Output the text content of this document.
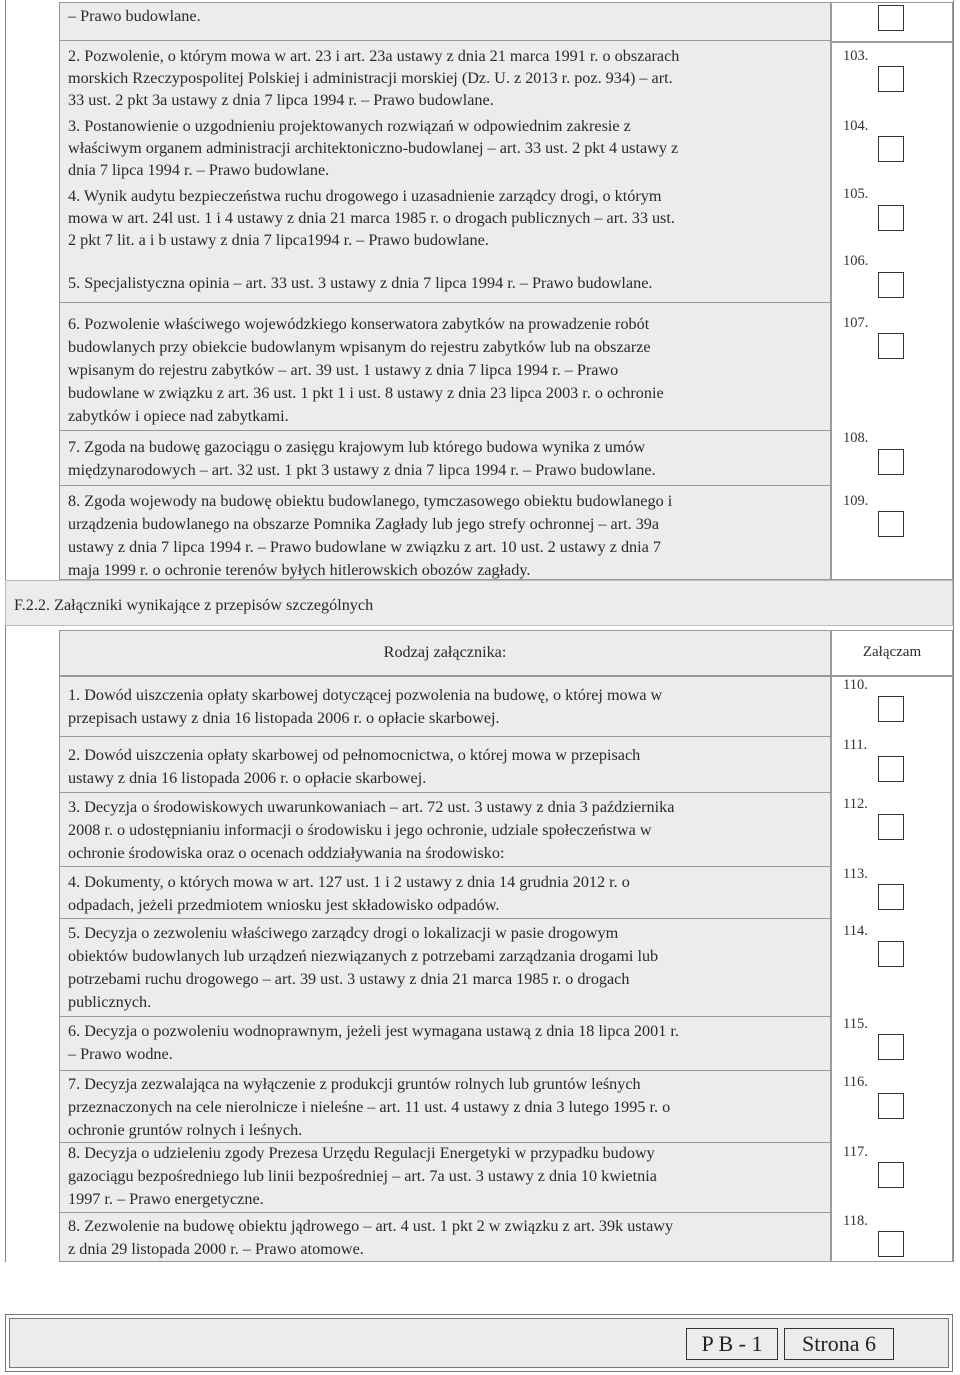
– Prawo budowlane.
2. Pozwolenie, o którym mowa w art. 23 i art. 23a ustawy z dnia 21 marca 1991 r. o obszarach
morskich Rzeczypospolitej Polskiej i administracji morskiej (Dz. U. z 2013 r. poz. 934) – art.
33 ust. 2 pkt 3a ustawy z dnia 7 lipca 1994 r. – Prawo budowlane.
103.
3. Postanowienie o uzgodnieniu projektowanych rozwiązań w odpowiednim zakresie z
właściwym organem administracji architektoniczno-budowlanej – art. 33 ust. 2 pkt 4 ustawy z
dnia 7 lipca 1994 r. – Prawo budowlane.
104.
4. Wynik audytu bezpieczeństwa ruchu drogowego i uzasadnienie zarządcy drogi, o którym
mowa w art. 24l ust. 1 i 4 ustawy z dnia 21 marca 1985 r. o drogach publicznych – art. 33 ust.
2 pkt 7 lit. a i b ustawy z dnia 7 lipca1994 r. – Prawo budowlane.
105.
5. Specjalistyczna opinia – art. 33 ust. 3 ustawy z dnia 7 lipca 1994 r. – Prawo budowlane.
106.
6. Pozwolenie właściwego wojewódzkiego konserwatora zabytków na prowadzenie robót
budowlanych przy obiekcie budowlanym wpisanym do rejestru zabytków lub na obszarze
wpisanym do rejestru zabytków – art. 39 ust. 1 ustawy z dnia 7 lipca 1994 r. – Prawo
budowlane w związku z art. 36 ust. 1 pkt 1 i ust. 8 ustawy z dnia 23 lipca 2003 r. o ochronie
zabytków i opiece nad zabytkami.
107.
7. Zgoda na budowę gazociągu o zasięgu krajowym lub którego budowa wynika z umów
międzynarodowych – art. 32 ust. 1 pkt 3 ustawy z dnia 7 lipca 1994 r. – Prawo budowlane.
108.
8. Zgoda wojewody na budowę obiektu budowlanego, tymczasowego obiektu budowlanego i
urządzenia budowlanego na obszarze Pomnika Zagłady lub jego strefy ochronnej – art. 39a
ustawy z dnia 7 lipca 1994 r. – Prawo budowlane w związku z art. 10 ust. 2 ustawy z dnia 7
maja 1999 r. o ochronie terenów byłych hitlerowskich obozów zagłady.
109.
F.2.2. Załączniki wynikające z przepisów szczególnych
Rodzaj załącznika:	Załączam
1. Dowód uiszczenia opłaty skarbowej dotyczącej pozwolenia na budowę, o której mowa w
przepisach ustawy z dnia 16 listopada 2006 r. o opłacie skarbowej.
110.
2. Dowód uiszczenia opłaty skarbowej od pełnomocnictwa, o której mowa w przepisach
ustawy z dnia 16 listopada 2006 r. o opłacie skarbowej.
111.
3. Decyzja o środowiskowych uwarunkowaniach – art. 72 ust. 3 ustawy z dnia 3 października
2008 r. o udostępnianiu informacji o środowisku i jego ochronie, udziale społeczeństwa w
ochronie środowiska oraz o ocenach oddziaływania na środowisko:
112.
4. Dokumenty, o których mowa w art. 127 ust. 1 i 2 ustawy z dnia 14 grudnia 2012 r. o
odpadach, jeżeli przedmiotem wniosku jest składowisko odpadów.
113.
5. Decyzja o zezwoleniu właściwego zarządcy drogi o lokalizacji w pasie drogowym
obiektów budowlanych lub urządzeń niezwiązanych z potrzebami zarządzania drogami lub
potrzebami ruchu drogowego – art. 39 ust. 3 ustawy z dnia 21 marca 1985 r. o drogach
publicznych.
114.
6. Decyzja o pozwoleniu wodnoprawnym, jeżeli jest wymagana ustawą z dnia 18 lipca 2001 r.
– Prawo wodne.
115.
7. Decyzja zezwalająca na wyłączenie z produkcji gruntów rolnych lub gruntów leśnych
przeznaczonych na cele nierolnicze i nieleśne – art. 11 ust. 4 ustawy z dnia 3 lutego 1995 r. o
ochronie gruntów rolnych i leśnych.
116.
8. Decyzja o udzieleniu zgody Prezesa Urzędu Regulacji Energetyki w przypadku budowy
gazociągu bezpośredniego lub linii bezpośredniej – art. 7a ust. 3 ustawy z dnia 10 kwietnia
1997 r. – Prawo energetyczne.
117.
8. Zezwolenie na budowę obiektu jądrowego – art. 4 ust. 1 pkt 2 w związku z art. 39k ustawy
z dnia 29 listopada 2000 r. – Prawo atomowe.
118.
P B - 1	Strona 6
